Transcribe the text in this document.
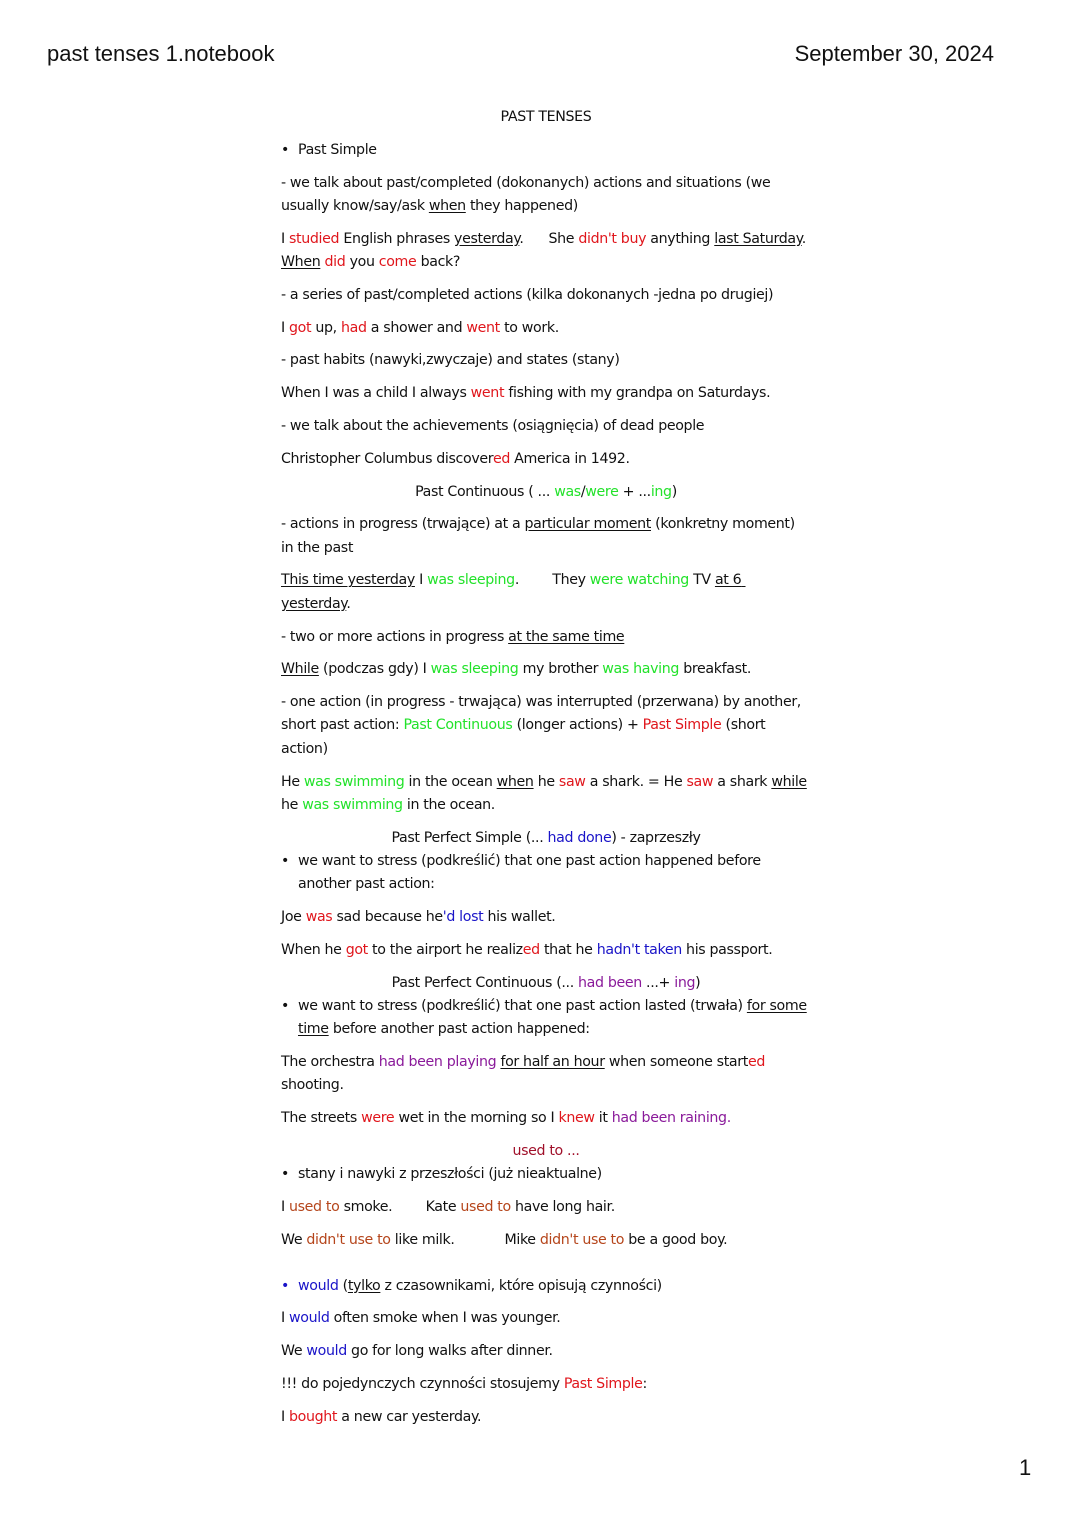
past tenses 1.notebook	September 30, 2024

PAST TENSES

• Past Simple

- we talk about past/completed (dokonanych) actions and situations (we usually know/say/ask when they happened)

I studied English phrases yesterday.      She didn't buy anything last Saturday.            When did you come back?

- a series of past/completed actions (kilka dokonanych -jedna po drugiej)

I got up, had a shower and went to work.

- past habits (nawyki,zwyczaje) and states (stany)

When I was a child I always went fishing with my grandpa on Saturdays.

- we talk about the achievements (osiągnięcia) of dead people

Christopher Columbus discovered America in 1492.

Past Continuous ( ... was/were + ...ing)

- actions in progress (trwające) at a particular moment (konkretny moment) in the past

This time yesterday I was sleeping.        They were watching TV at 6 yesterday.

- two or more actions in progress at the same time

While (podczas gdy) I was sleeping my brother was having breakfast.

- one action (in progress - trwająca) was interrupted (przerwana) by another, short past action: Past Continuous (longer actions) + Past Simple (short action)

He was swimming in the ocean when he saw a shark. = He saw a shark while he was swimming in the ocean.

Past Perfect Simple (... had done) - zaprzeszły

• we want to stress (podkreślić) that one past action happened before another past action:

Joe was sad because he'd lost his wallet.

When he got to the airport he realized that he hadn't taken his passport.

Past Perfect Continuous (... had been ...+ ing)

• we want to stress (podkreślić) that one past action lasted (trwała) for some time before another past action happened:

The orchestra had been playing for half an hour when someone started shooting.

The streets were wet in the morning so I knew it had been raining.

used to ...

• stany i nawyki z przeszłości (już nieaktualne)

I used to smoke.        Kate used to have long hair.

We didn't use to like milk.            Mike didn't use to be a good boy.

• would (tylko z czasownikami, które opisują czynności)

I would often smoke when I was younger.

We would go for long walks after dinner.

!!! do pojedynczych czynności stosujemy Past Simple:

I bought a new car yesterday.

1
